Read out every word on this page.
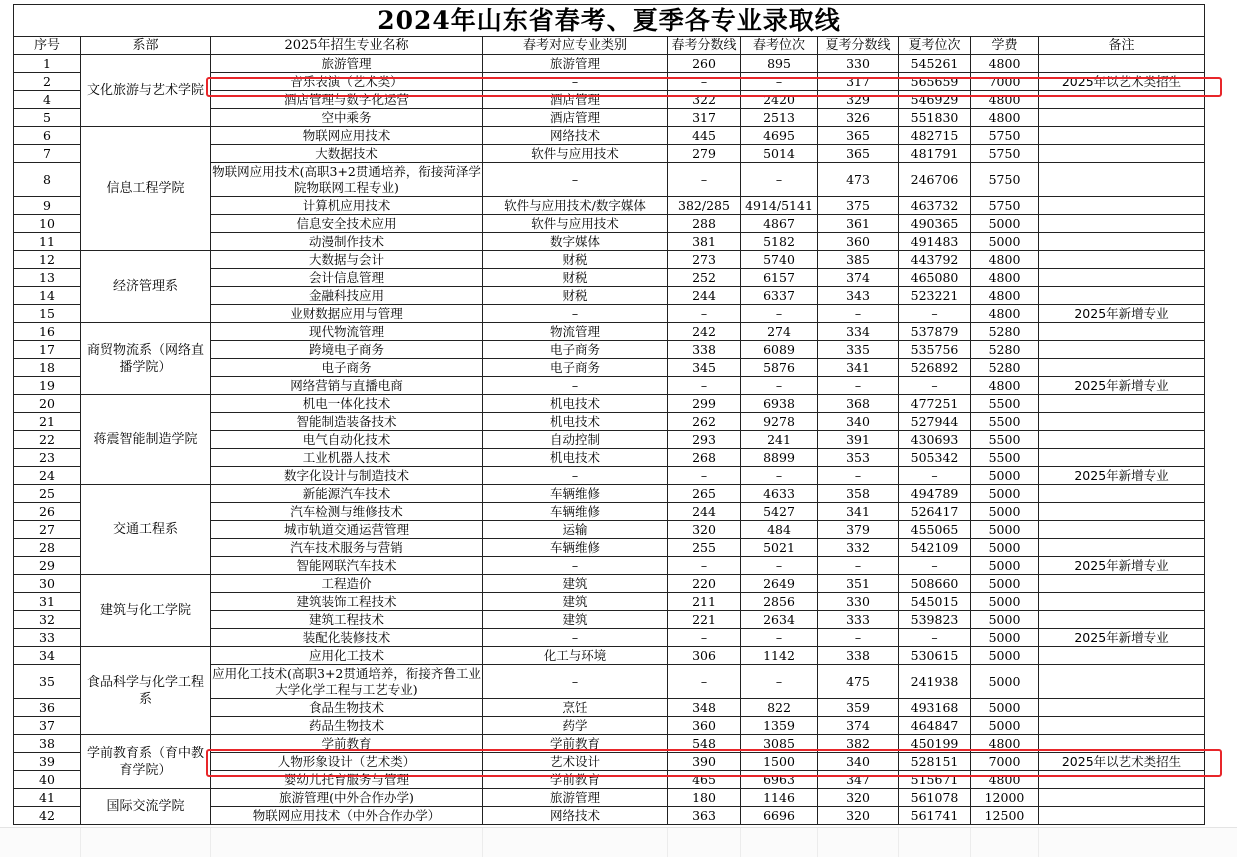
2024年山东省春考、夏季各专业录取线									
序号	系部	2025年招生专业名称	春考对应专业类别	春考分数线	春考位次	夏考分数线	夏考位次	学费	备注
1	文化旅游与艺术学院	旅游管理	旅游管理	260	895	330	545261	4800	
2		音乐表演（艺术类）	–	–	–	317	565659	7000	2025年以艺术类招生
4		酒店管理与数字化运营	酒店管理	322	2420	329	546929	4800	
5		空中乘务	酒店管理	317	2513	326	551830	4800	
6	信息工程学院	物联网应用技术	网络技术	445	4695	365	482715	5750	
7		大数据技术	软件与应用技术	279	5014	365	481791	5750	
8		物联网应用技术(高职3+2贯通培养，衔接菏泽学院物联网工程专业)	–	–	–	473	246706	5750	
9		计算机应用技术	软件与应用技术/数字媒体	382/285	4914/5141	375	463732	5750	
10		信息安全技术应用	软件与应用技术	288	4867	361	490365	5000	
11		动漫制作技术	数字媒体	381	5182	360	491483	5000	
12	经济管理系	大数据与会计	财税	273	5740	385	443792	4800	
13		会计信息管理	财税	252	6157	374	465080	4800	
14		金融科技应用	财税	244	6337	343	523221	4800	
15		业财数据应用与管理	–	–	–	–	–	4800	2025年新增专业
16	商贸物流系（网络直播学院）	现代物流管理	物流管理	242	274	334	537879	5280	
17		跨境电子商务	电子商务	338	6089	335	535756	5280	
18		电子商务	电子商务	345	5876	341	526892	5280	
19		网络营销与直播电商	–	–	–	–	–	4800	2025年新增专业
20	蒋震智能制造学院	机电一体化技术	机电技术	299	6938	368	477251	5500	
21		智能制造装备技术	机电技术	262	9278	340	527944	5500	
22		电气自动化技术	自动控制	293	241	391	430693	5500	
23		工业机器人技术	机电技术	268	8899	353	505342	5500	
24		数字化设计与制造技术	–	–	–	–	–	5000	2025年新增专业
25	交通工程系	新能源汽车技术	车辆维修	265	4633	358	494789	5000	
26		汽车检测与维修技术	车辆维修	244	5427	341	526417	5000	
27		城市轨道交通运营管理	运输	320	484	379	455065	5000	
28		汽车技术服务与营销	车辆维修	255	5021	332	542109	5000	
29		智能网联汽车技术	–	–	–	–	–	5000	2025年新增专业
30	建筑与化工学院	工程造价	建筑	220	2649	351	508660	5000	
31		建筑装饰工程技术	建筑	211	2856	330	545015	5000	
32		建筑工程技术	建筑	221	2634	333	539823	5000	
33		装配化装修技术	–	–	–	–	–	5000	2025年新增专业
34	食品科学与化学工程系	应用化工技术	化工与环境	306	1142	338	530615	5000	
35		应用化工技术(高职3+2贯通培养，衔接齐鲁工业大学化学工程与工艺专业)	–	–	–	475	241938	5000	
36		食品生物技术	烹饪	348	822	359	493168	5000	
37		药品生物技术	药学	360	1359	374	464847	5000	
38	学前教育系（育中教育学院）	学前教育	学前教育	548	3085	382	450199	4800	
39		人物形象设计（艺术类）	艺术设计	390	1500	340	528151	7000	2025年以艺术类招生
40		婴幼儿托育服务与管理	学前教育	465	6963	347	515671	4800	
41	国际交流学院	旅游管理(中外合作办学)	旅游管理	180	1146	320	561078	12000	
42		物联网应用技术（中外合作办学）	网络技术	363	6696	320	561741	12500	
